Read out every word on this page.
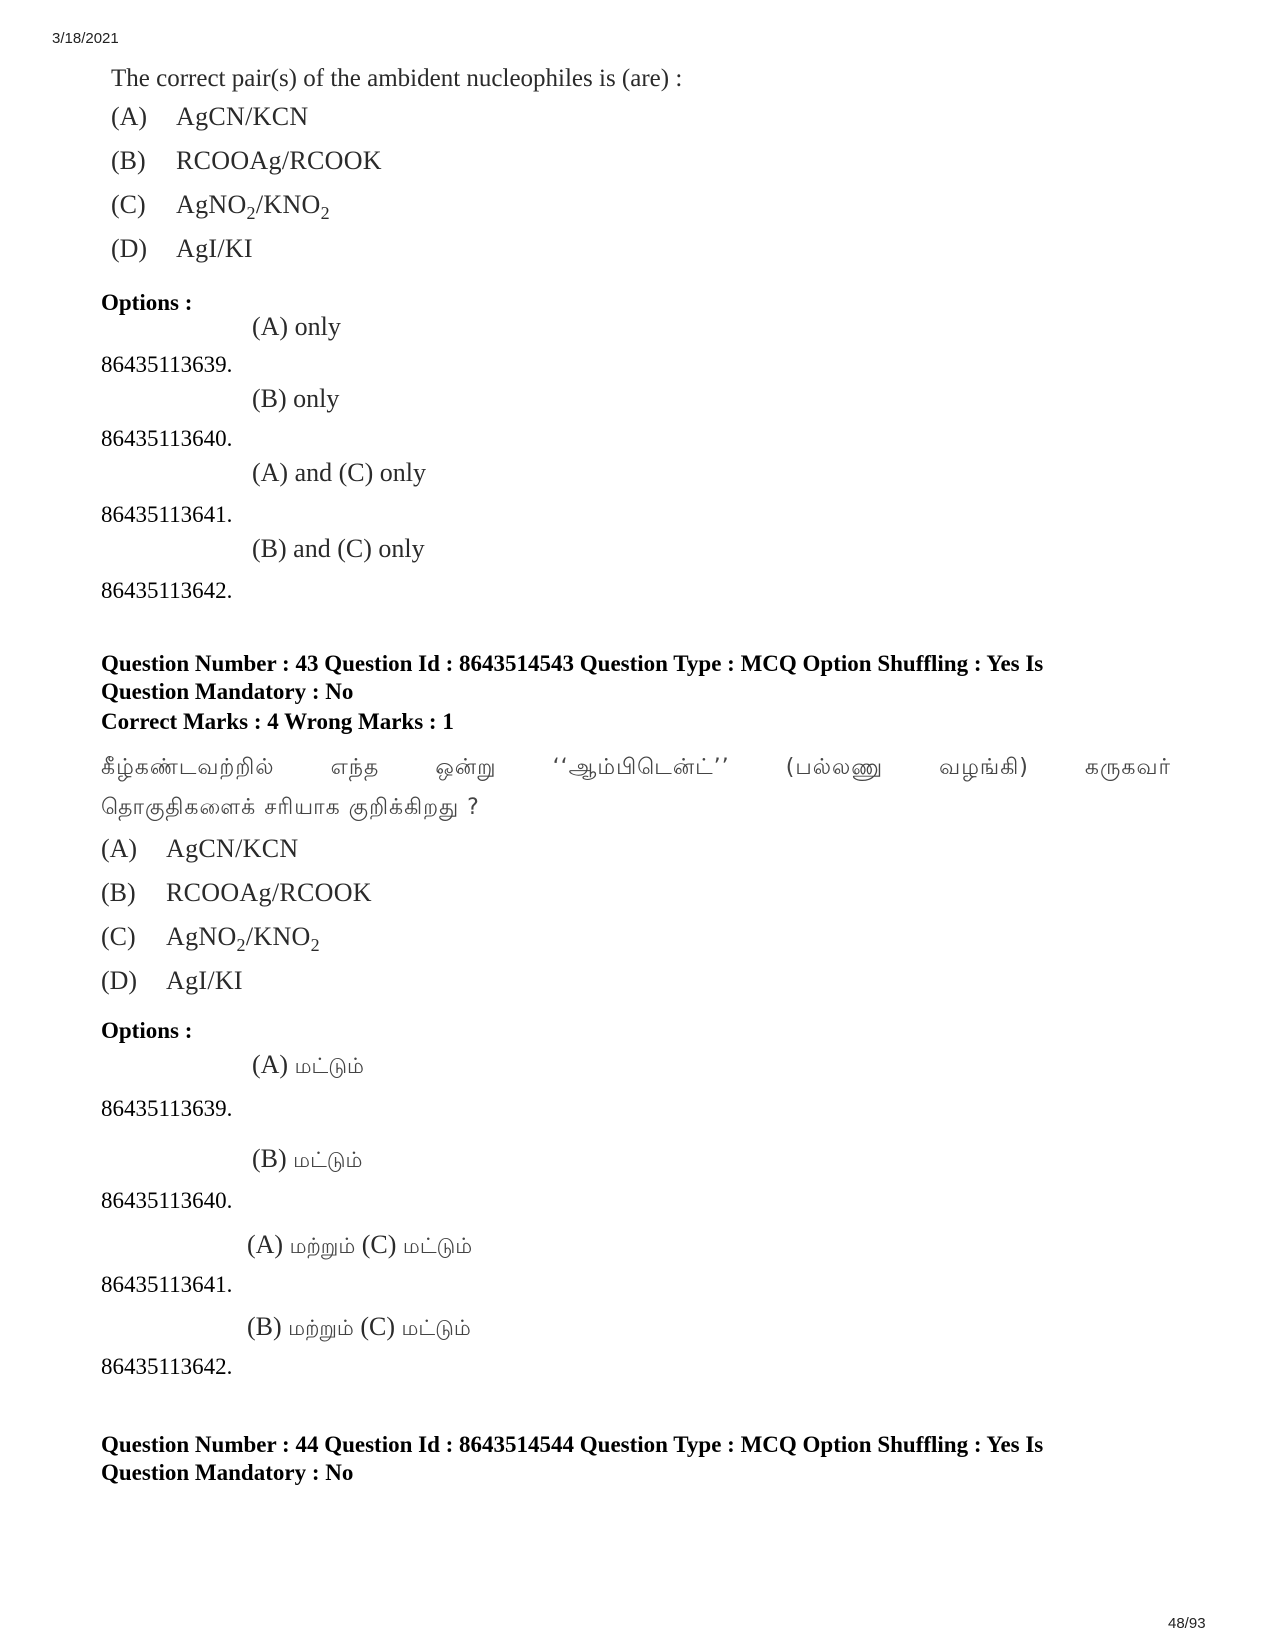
3/18/2021
48/93
The correct pair(s) of the ambident nucleophiles is (are) :
(A)	AgCN/KCN
(B)	RCOOAg/RCOOK
(C)	$AgNO_2/KNO_2$
(D)	AgI/KI
Options :
86435113639.
(A) only
86435113640.
(B) only
86435113641.
(A) and (C) only
86435113642.
(B) and (C) only
Question Number : 43 Question Id : 8643514543 Question Type : MCQ Option Shuffling : Yes Is
Question Mandatory : No
Correct Marks : 4 Wrong Marks : 1
கீழ்கண்டவற்றில் எந்த ஒன்று ‘‘ஆம்பிடென்ட்’’ (பல்லணு வழங்கி) கருகவர்
தொகுதிகளைக் சரியாக குறிக்கிறது ?
(A)	AgCN/KCN
(B)	RCOOAg/RCOOK
(C)	$AgNO_2/KNO_2$
(D)	AgI/KI
Options :
86435113639.
(A) மட்டும்
86435113640.
(B) மட்டும்
86435113641.
(A) மற்றும் (C) மட்டும்
86435113642.
(B) மற்றும் (C) மட்டும்
Question Number : 44 Question Id : 8643514544 Question Type : MCQ Option Shuffling : Yes Is
Question Mandatory : No
